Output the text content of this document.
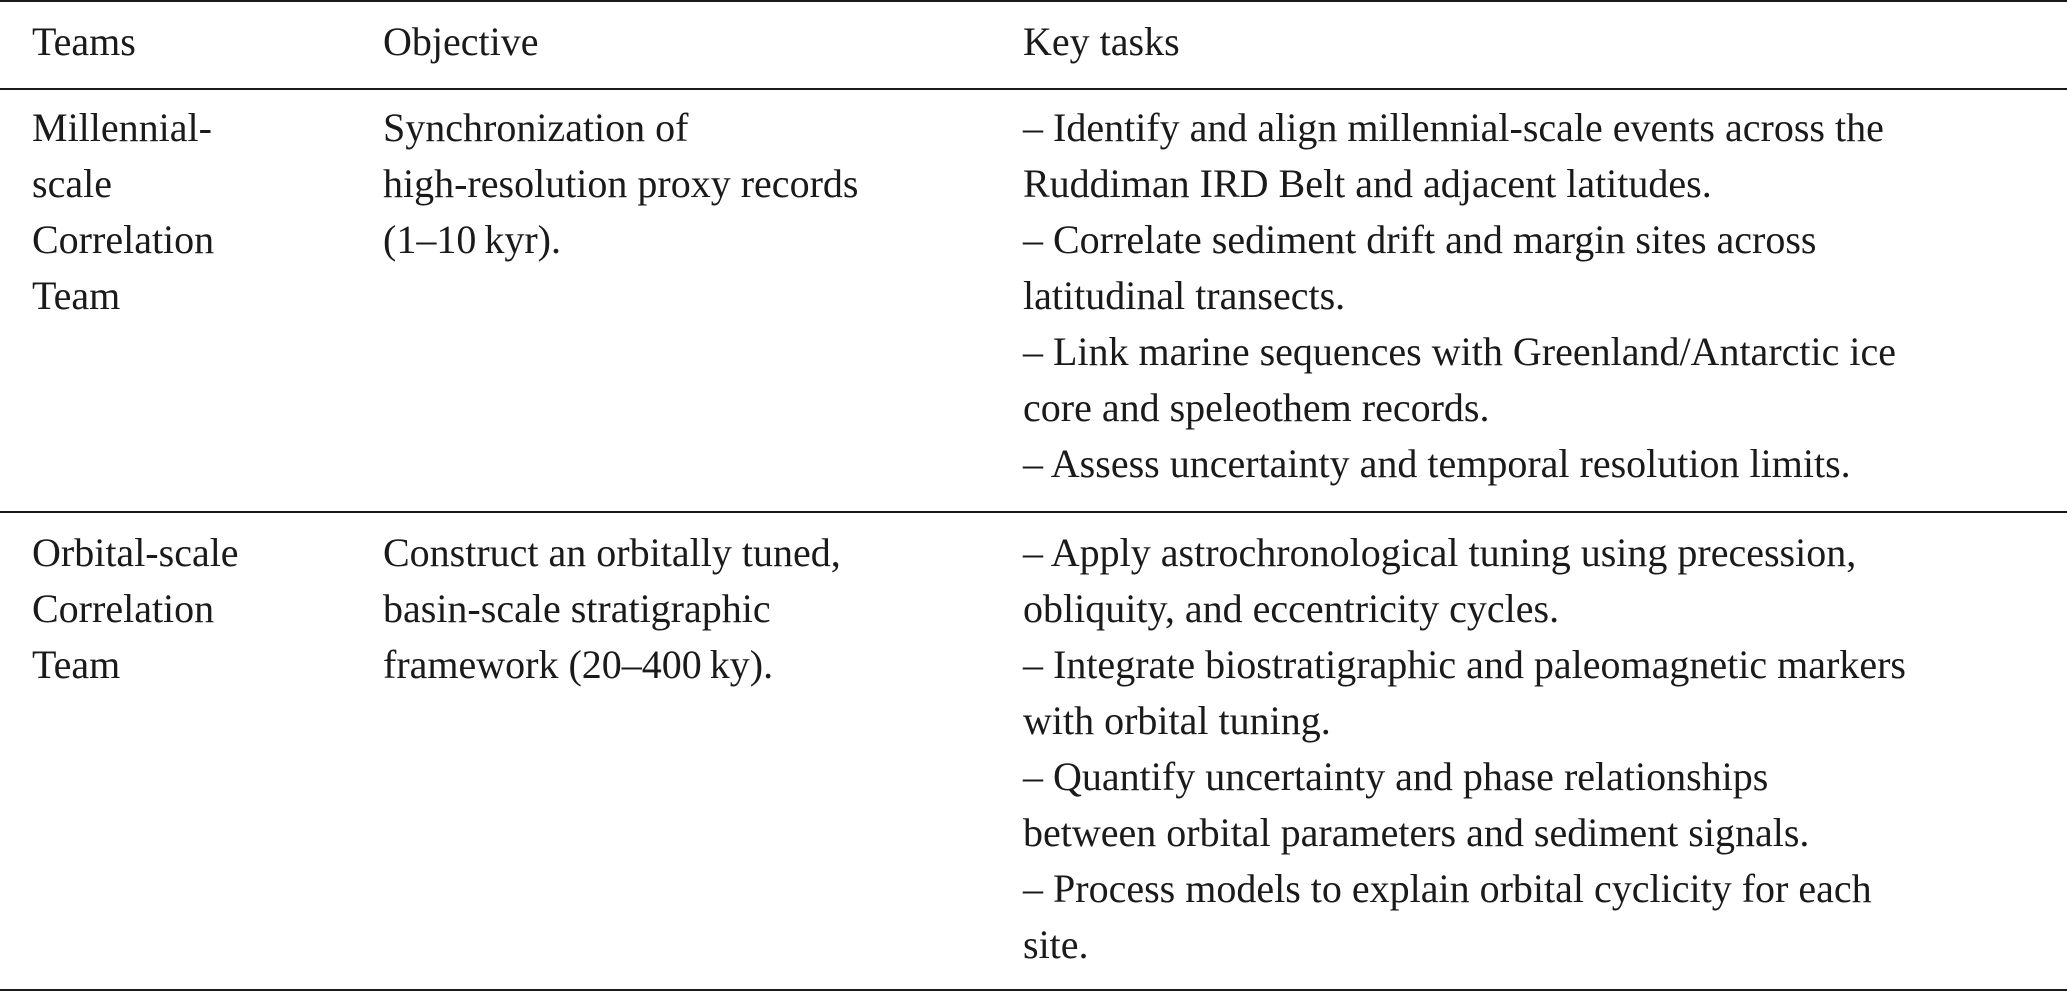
Teams	Objective	Key tasks
Millennial-
scale
Correlation
Team
Synchronization of
high-resolution proxy records
(1–10 kyr).
– Identify and align millennial-scale events across the
Ruddiman IRD Belt and adjacent latitudes.
– Correlate sediment drift and margin sites across
latitudinal transects.
– Link marine sequences with Greenland/Antarctic ice
core and speleothem records.
– Assess uncertainty and temporal resolution limits.
Orbital-scale
Correlation
Team
Construct an orbitally tuned,
basin-scale stratigraphic
framework (20–400 ky).
– Apply astrochronological tuning using precession,
obliquity, and eccentricity cycles.
– Integrate biostratigraphic and paleomagnetic markers
with orbital tuning.
– Quantify uncertainty and phase relationships
between orbital parameters and sediment signals.
– Process models to explain orbital cyclicity for each
site.
